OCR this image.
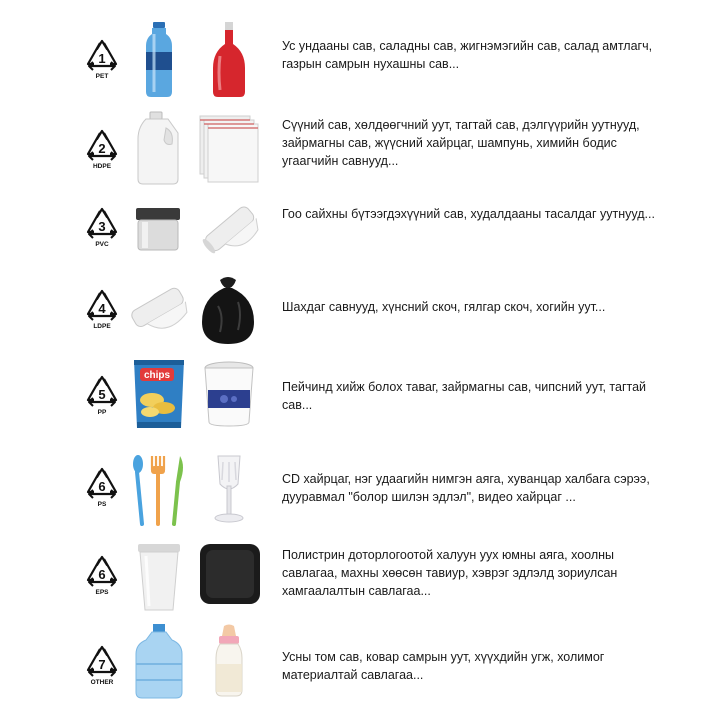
1
PET
Ус ундааны сав, саладны сав, жигнэмэгийн сав, салад амтлагч, газрын самрын нухашны сав...
2
HDPE
Сүүний сав, хөлдөөгчний уут, тагтай сав, дэлгүүрийн уутнууд, зайрмагны сав, жүүсний хайрцаг, шампунь, химийн бодис угаагчийн савнууд...
3
PVC
Гоо сайхны бүтээгдэхүүний сав, худалдааны тасалдаг уутнууд...
4
LDPE
Шахдаг савнууд, хүнсний скоч, гялгар скоч, хогийн уут...
5
PP
chips
Пейчинд хийж болох таваг, зайрмагны сав, чипсний уут, тагтай сав...
6
PS
CD хайрцаг, нэг удаагийн нимгэн аяга, хуванцар халбага сэрээ, дууравмал "болор шилэн эдлэл", видео хайрцаг ...
6
EPS
Полистрин доторлогоотой халуун уух юмны аяга, хоолны савлагаа, махны хөөсөн тавиур, хэврэг эдлэлд зориулсан хамгаалалтын савлагаа...
7
OTHER
Усны том сав, ковар самрын уут, хүүхдийн угж, холимог материалтай савлагаа...
